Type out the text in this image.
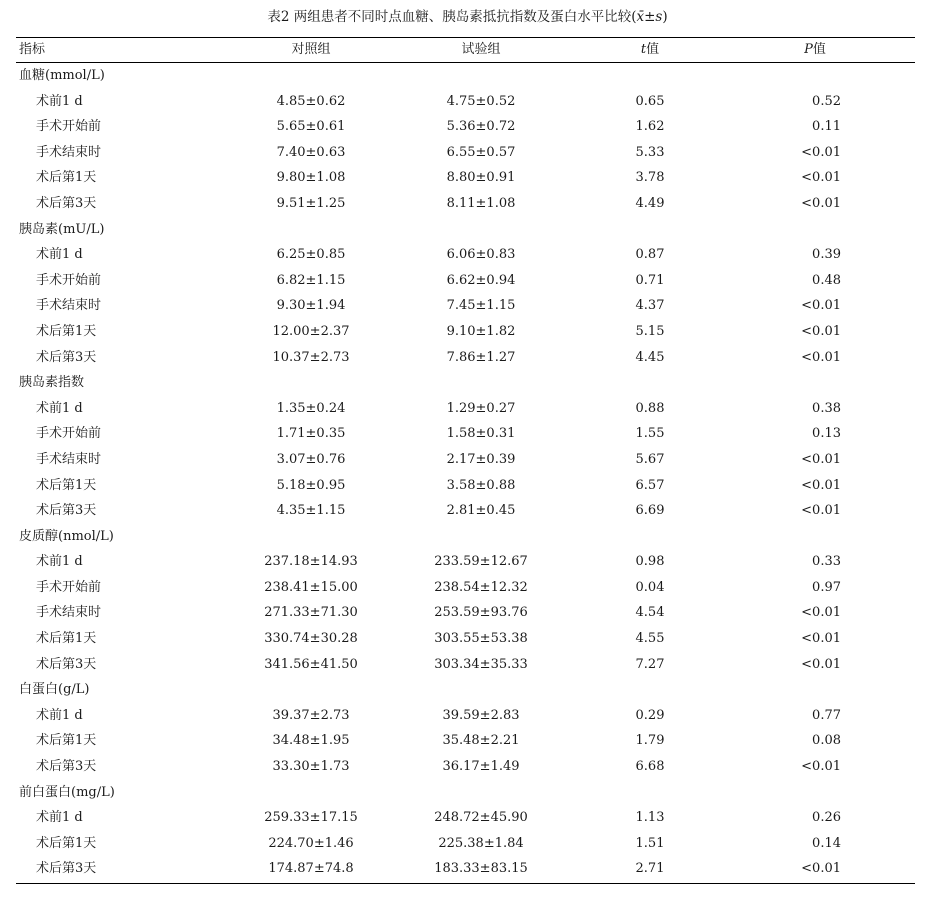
表2 两组患者不同时点血糖、胰岛素抵抗指数及蛋白水平比较(x̄±s)
指标	对照组	试验组	t值	P值
血糖(mmol/L)
术前1 d	4.85±0.62	4.75±0.52	0.65	0.52
手术开始前	5.65±0.61	5.36±0.72	1.62	0.11
手术结束时	7.40±0.63	6.55±0.57	5.33	<0.01
术后第1天	9.80±1.08	8.80±0.91	3.78	<0.01
术后第3天	9.51±1.25	8.11±1.08	4.49	<0.01
胰岛素(mU/L)
术前1 d	6.25±0.85	6.06±0.83	0.87	0.39
手术开始前	6.82±1.15	6.62±0.94	0.71	0.48
手术结束时	9.30±1.94	7.45±1.15	4.37	<0.01
术后第1天	12.00±2.37	9.10±1.82	5.15	<0.01
术后第3天	10.37±2.73	7.86±1.27	4.45	<0.01
胰岛素指数
术前1 d	1.35±0.24	1.29±0.27	0.88	0.38
手术开始前	1.71±0.35	1.58±0.31	1.55	0.13
手术结束时	3.07±0.76	2.17±0.39	5.67	<0.01
术后第1天	5.18±0.95	3.58±0.88	6.57	<0.01
术后第3天	4.35±1.15	2.81±0.45	6.69	<0.01
皮质醇(nmol/L)
术前1 d	237.18±14.93	233.59±12.67	0.98	0.33
手术开始前	238.41±15.00	238.54±12.32	0.04	0.97
手术结束时	271.33±71.30	253.59±93.76	4.54	<0.01
术后第1天	330.74±30.28	303.55±53.38	4.55	<0.01
术后第3天	341.56±41.50	303.34±35.33	7.27	<0.01
白蛋白(g/L)
术前1 d	39.37±2.73	39.59±2.83	0.29	0.77
术后第1天	34.48±1.95	35.48±2.21	1.79	0.08
术后第3天	33.30±1.73	36.17±1.49	6.68	<0.01
前白蛋白(mg/L)
术前1 d	259.33±17.15	248.72±45.90	1.13	0.26
术后第1天	224.70±1.46	225.38±1.84	1.51	0.14
术后第3天	174.87±74.8	183.33±83.15	2.71	<0.01
